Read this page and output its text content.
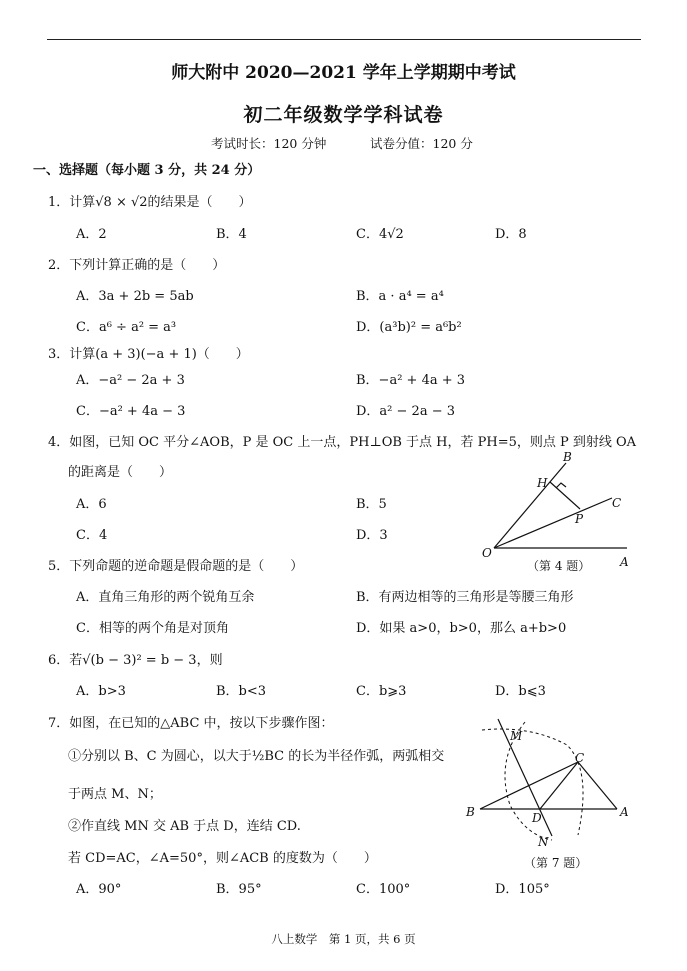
师大附中 2020—2021 学年上学期期中考试
初二年级数学学科试卷
考试时长：120 分钟	试卷分值：120 分
一、选择题（每小题 3 分，共 24 分）
1．计算√8 × √2的结果是（　　）
A．2	B．4	C．4√2	D．8
2．下列计算正确的是（　　）
A．3a + 2b = 5ab	B．a · a⁴ = a⁴
C．a⁶ ÷ a² = a³	D．(a³b)² = a⁶b²
3．计算(a + 3)(−a + 1)（　　）
A．−a² − 2a + 3	B．−a² + 4a + 3
C．−a² + 4a − 3	D．a² − 2a − 3
4．如图，已知 OC 平分∠AOB，P 是 OC 上一点，PH⊥OB 于点 H，若 PH=5，则点 P 到射线 OA
的距离是（　　）
A．6	B．5
C．4	D．3
B
H
C
P
O
A
（第 4 题）
5．下列命题的逆命题是假命题的是（　　）
A．直角三角形的两个锐角互余	B．有两边相等的三角形是等腰三角形
C．相等的两个角是对顶角	D．如果 a>0，b>0，那么 a+b>0
6．若√(b − 3)² = b − 3，则
A．b>3	B．b<3	C．b⩾3	D．b⩽3
7．如图，在已知的△ABC 中，按以下步骤作图：
①分别以 B、C 为圆心，以大于½BC 的长为半径作弧，两弧相交
于两点 M、N；
②作直线 MN 交 AB 于点 D，连结 CD.
若 CD=AC，∠A=50°，则∠ACB 的度数为（　　）
A．90°	B．95°	C．100°	D．105°
M
C
B	D	A
N
（第 7 题）
八上数学　第 1 页，共 6 页
